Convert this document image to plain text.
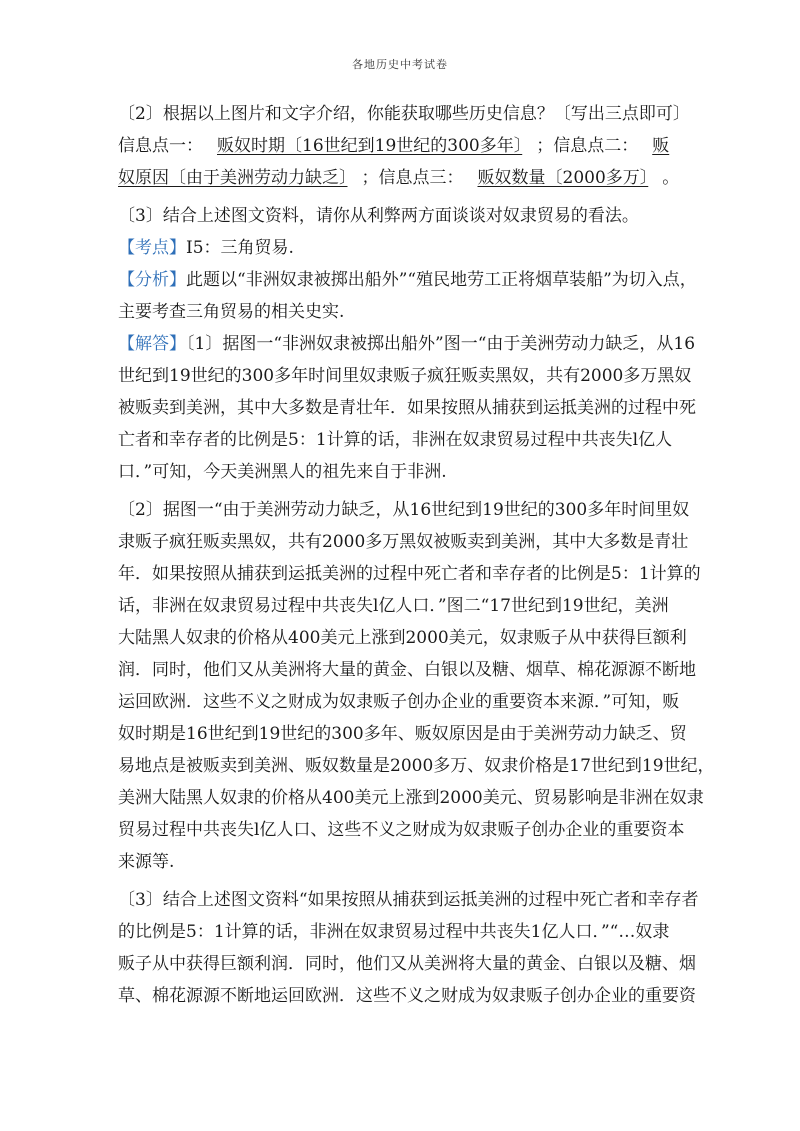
各地历史中考试卷
〔2〕根据以上图片和文字介绍，你能获取哪些历史信息？〔写出三点即可〕
信息点一： 贩奴时期〔16世纪到19世纪的300多年〕 ；信息点二： 贩
奴原因〔由于美洲劳动力缺乏〕 ；信息点三： 贩奴数量〔2000多万〕 。
〔3〕结合上述图文资料，请你从利弊两方面谈谈对奴隶贸易的看法。
【考点】I5：三角贸易.
【分析】此题以“非洲奴隶被掷出船外”“殖民地劳工正将烟草装船”为切入点，
主要考查三角贸易的相关史实.
【解答】〔1〕据图一“非洲奴隶被掷出船外”图一“由于美洲劳动力缺乏，从16
世纪到19世纪的300多年时间里奴隶贩子疯狂贩卖黑奴，共有2000多万黑奴
被贩卖到美洲，其中大多数是青壮年．如果按照从捕获到运抵美洲的过程中死
亡者和幸存者的比例是5：1计算的话，非洲在奴隶贸易过程中共丧失l亿人
口．”可知，今天美洲黑人的祖先来自于非洲.
〔2〕据图一“由于美洲劳动力缺乏，从16世纪到19世纪的300多年时间里奴
隶贩子疯狂贩卖黑奴，共有2000多万黑奴被贩卖到美洲，其中大多数是青壮
年．如果按照从捕获到运抵美洲的过程中死亡者和幸存者的比例是5：1计算的
话，非洲在奴隶贸易过程中共丧失l亿人口．”图二“17世纪到19世纪，美洲
大陆黑人奴隶的价格从400美元上涨到2000美元，奴隶贩子从中获得巨额利
润．同时，他们又从美洲将大量的黄金、白银以及糖、烟草、棉花源源不断地
运回欧洲．这些不义之财成为奴隶贩子创办企业的重要资本来源．”可知，贩
奴时期是16世纪到19世纪的300多年、贩奴原因是由于美洲劳动力缺乏、贸
易地点是被贩卖到美洲、贩奴数量是2000多万、奴隶价格是17世纪到19世纪，
美洲大陆黑人奴隶的价格从400美元上涨到2000美元、贸易影响是非洲在奴隶
贸易过程中共丧失l亿人口、这些不义之财成为奴隶贩子创办企业的重要资本
来源等.
〔3〕结合上述图文资料“如果按照从捕获到运抵美洲的过程中死亡者和幸存者
的比例是5：1计算的话，非洲在奴隶贸易过程中共丧失1亿人口．”“…奴隶
贩子从中获得巨额利润．同时，他们又从美洲将大量的黄金、白银以及糖、烟
草、棉花源源不断地运回欧洲．这些不义之财成为奴隶贩子创办企业的重要资
